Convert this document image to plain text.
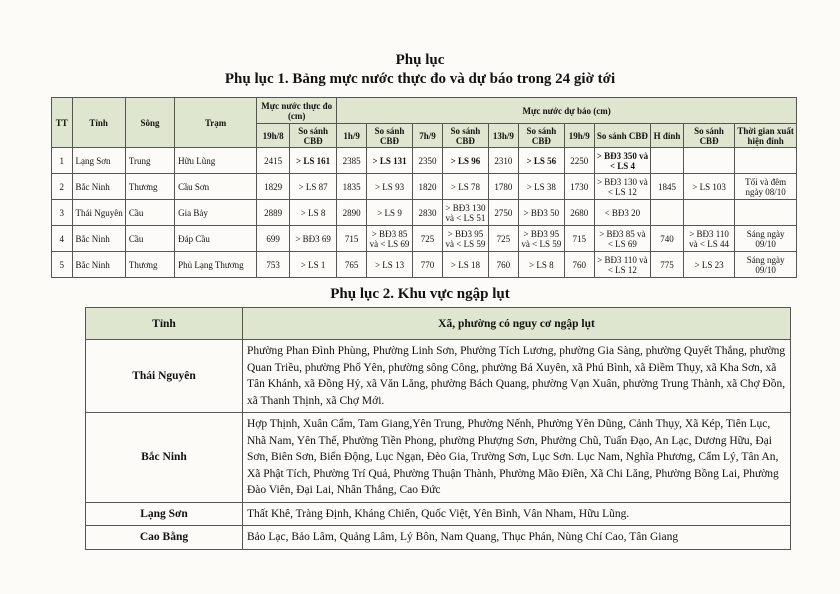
Phụ lục
Phụ lục 1. Bảng mực nước thực đo và dự báo trong 24 giờ tới
TT	Tỉnh	Sông	Trạm	Mực nước thực đo (cm)		Mực nước dự báo (cm)										
				19h/8	So sánh CBĐ	1h/9	So sánh CBĐ	7h/9	So sánh CBĐ	13h/9	So sánh CBĐ	19h/9	So sánh CBĐ	H đỉnh	So sánh CBĐ	Thời gian xuất hiện đỉnh
1	Lạng Sơn	Trung	Hữu Lũng	2415	> LS 161	2385	> LS 131	2350	> LS 96	2310	> LS 56	2250	> BĐ3 350 và < LS 4			
2	Bắc Ninh	Thương	Cầu Sơn	1829	> LS 87	1835	> LS 93	1820	> LS 78	1780	> LS 38	1730	> BĐ3 130 và < LS 12	1845	> LS 103	Tối và đêm ngày 08/10
3	Thái Nguyên	Cầu	Gia Bảy	2889	> LS 8	2890	> LS 9	2830	> BĐ3 130 và < LS 51	2750	> BĐ3 50	2680	< BĐ3 20			
4	Bắc Ninh	Cầu	Đáp Cầu	699	> BĐ3 69	715	> BĐ3 85 và < LS 69	725	> BĐ3 95 và < LS 59	725	> BĐ3 95 và < LS 59	715	> BĐ3 85 và < LS 69	740	> BĐ3 110 và < LS 44	Sáng ngày 09/10
5	Bắc Ninh	Thương	Phủ Lạng Thương	753	> LS 1	765	> LS 13	770	> LS 18	760	> LS 8	760	> BĐ3 110 và < LS 12	775	> LS 23	Sáng ngày 09/10
Phụ lục 2. Khu vực ngập lụt
Tỉnh	Xã, phường có nguy cơ ngập lụt
Thái Nguyên	Phường Phan Đình Phùng, Phường Linh Sơn, Phường Tích Lương, phường Gia Sàng, phường Quyết Thắng, phường Quan Triều, phường Phổ Yên, phường sông Công, phường Bá Xuyên, xã Phú Bình, xã Điềm Thụy, xã Kha Sơn, xã Tân Khánh, xã Đồng Hỷ, xã Văn Lăng, phường Bách Quang, phường Vạn Xuân, phường Trung Thành, xã Chợ Đồn, xã Thanh Thịnh, xã Chợ Mới.
Bắc Ninh	Hợp Thịnh, Xuân Cẩm, Tam Giang,Yên Trung, Phường Nếnh, Phường Yên Dũng, Cảnh Thụy, Xã Kép, Tiên Lục, Nhã Nam, Yên Thế, Phường Tiền Phong, phường Phượng Sơn, Phường Chũ, Tuấn Đạo, An Lạc, Dương Hữu, Đại Sơn, Biên Sơn, Biển Động, Lục Ngạn, Đèo Gia, Trường Sơn, Lục Sơn. Lục Nam, Nghĩa Phương, Cẩm Lý, Tân An, Xã Phật Tích, Phường Trí Quả, Phường Thuận Thành, Phường Mão Điền, Xã Chi Lăng, Phường Bồng Lai, Phường Đào Viên, Đại Lai, Nhân Thắng, Cao Đức
Lạng Sơn	Thất Khê, Tràng Định, Kháng Chiến, Quốc Việt, Yên Bình, Vân Nham, Hữu Lũng.
Cao Bằng	Bảo Lạc, Bảo Lâm, Quảng Lâm, Lý Bôn, Nam Quang, Thục Phán, Nùng Chí Cao, Tân Giang
